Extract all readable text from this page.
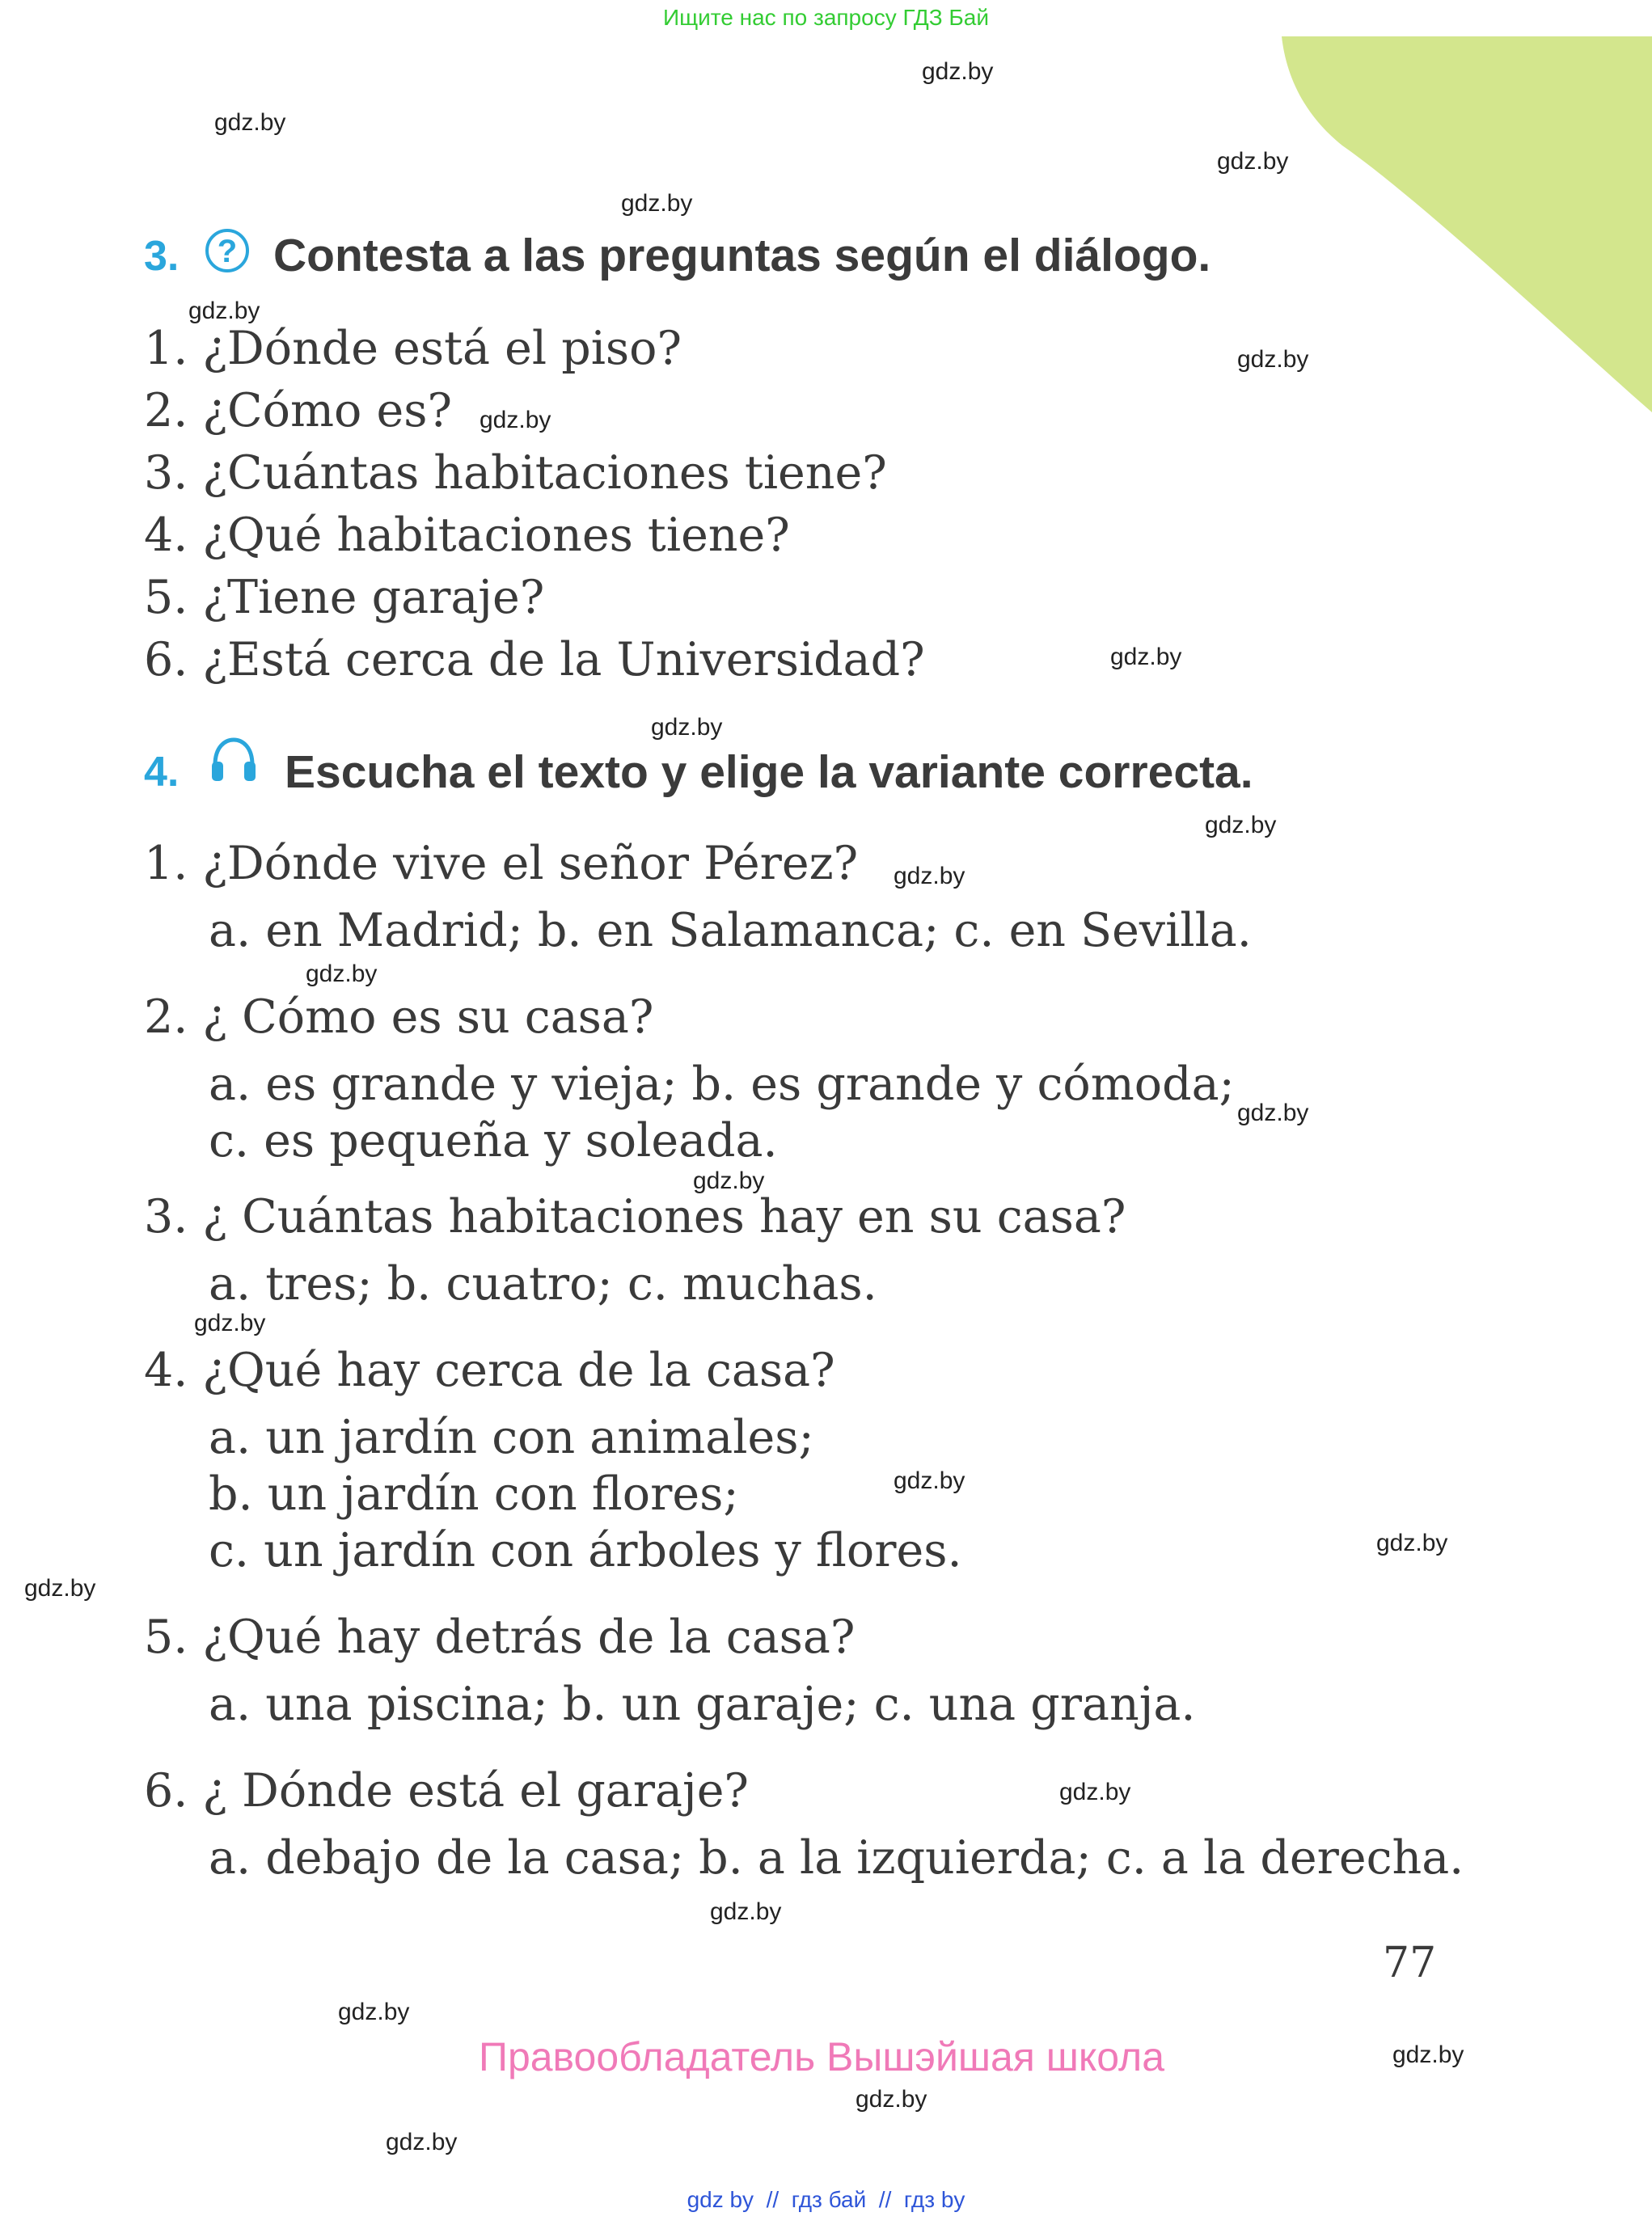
Ищите нас по запросу ГДЗ Бай
gdz.by
gdz.by
gdz.by
gdz.by
gdz.by
gdz.by
gdz.by
gdz.by
gdz.by
gdz.by
gdz.by
gdz.by
gdz.by
gdz.by
gdz.by
gdz.by
gdz.by
gdz.by
gdz.by
gdz.by
gdz.by
gdz.by
gdz.by
gdz.by
3. ? Contesta a las preguntas según el diálogo.
1. ¿Dónde está el piso?
2. ¿Cómo es?
3. ¿Cuántas habitaciones tiene?
4. ¿Qué habitaciones tiene?
5. ¿Tiene garaje?
6. ¿Está cerca de la Universidad?
4. Escucha el texto y elige la variante correcta.
1. ¿Dónde vive el señor Pérez?
a. en Madrid; b. en Salamanca; c. en Sevilla.
2. ¿ Cómo es su casa?
a. es grande y vieja; b. es grande y cómoda;
c. es pequeña y soleada.
3. ¿ Cuántas habitaciones hay en su casa?
a. tres; b. cuatro; c. muchas.
4. ¿Qué hay cerca de la casa?
a. un jardín con animales;
b. un jardín con flores;
c. un jardín con árboles y flores.
5. ¿Qué hay detrás de la casa?
a. una piscina; b. un garaje; c. una granja.
6. ¿ Dónde está el garaje?
a. debajo de la casa; b. a la izquierda; c. a la derecha.
77
Правообладатель Вышэйшая школа
gdz by  //  гдз бай  //  гдз by
